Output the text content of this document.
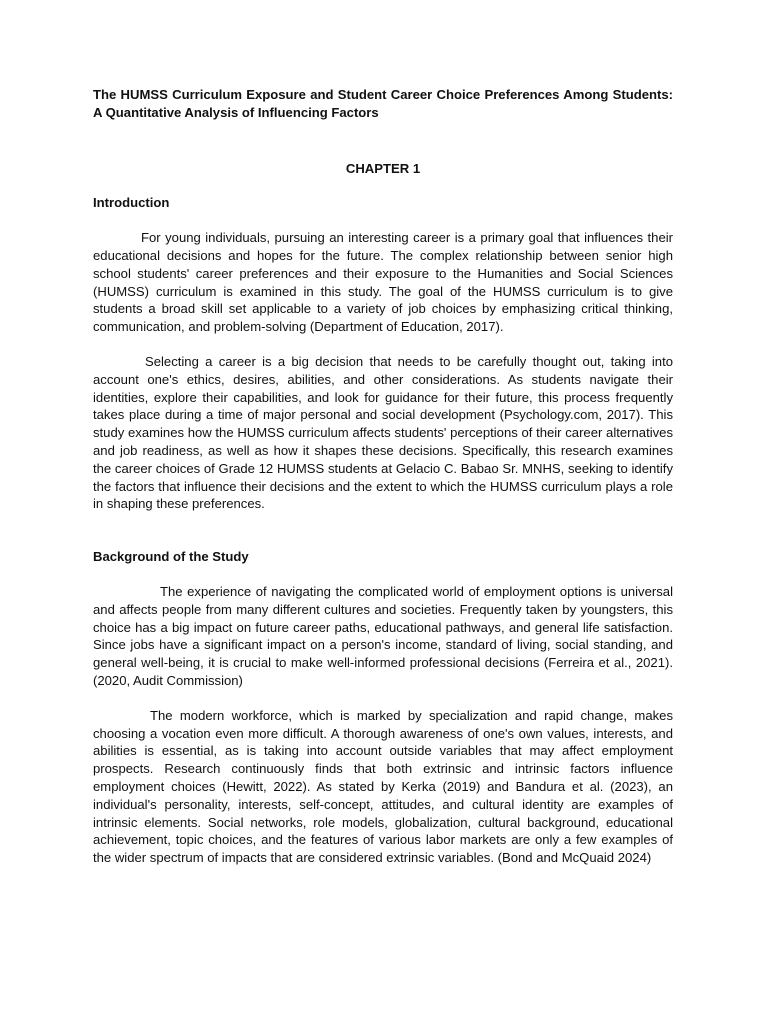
The HUMSS Curriculum Exposure and Student Career Choice Preferences Among Students: A Quantitative Analysis of Influencing Factors

CHAPTER 1

Introduction

For young individuals, pursuing an interesting career is a primary goal that influences their educational decisions and hopes for the future. The complex relationship between senior high school students' career preferences and their exposure to the Humanities and Social Sciences (HUMSS) curriculum is examined in this study. The goal of the HUMSS curriculum is to give students a broad skill set applicable to a variety of job choices by emphasizing critical thinking, communication, and problem-solving (Department of Education, 2017).

Selecting a career is a big decision that needs to be carefully thought out, taking into account one's ethics, desires, abilities, and other considerations. As students navigate their identities, explore their capabilities, and look for guidance for their future, this process frequently takes place during a time of major personal and social development (Psychology.com, 2017). This study examines how the HUMSS curriculum affects students' perceptions of their career alternatives and job readiness, as well as how it shapes these decisions. Specifically, this research examines the career choices of Grade 12 HUMSS students at Gelacio C. Babao Sr. MNHS, seeking to identify the factors that influence their decisions and the extent to which the HUMSS curriculum plays a role in shaping these preferences.

Background of the Study

The experience of navigating the complicated world of employment options is universal and affects people from many different cultures and societies. Frequently taken by youngsters, this choice has a big impact on future career paths, educational pathways, and general life satisfaction. Since jobs have a significant impact on a person's income, standard of living, social standing, and general well-being, it is crucial to make well-informed professional decisions (Ferreira et al., 2021). (2020, Audit Commission)

The modern workforce, which is marked by specialization and rapid change, makes choosing a vocation even more difficult. A thorough awareness of one's own values, interests, and abilities is essential, as is taking into account outside variables that may affect employment prospects. Research continuously finds that both extrinsic and intrinsic factors influence employment choices (Hewitt, 2022). As stated by Kerka (2019) and Bandura et al. (2023), an individual's personality, interests, self-concept, attitudes, and cultural identity are examples of intrinsic elements. Social networks, role models, globalization, cultural background, educational achievement, topic choices, and the features of various labor markets are only a few examples of the wider spectrum of impacts that are considered extrinsic variables. (Bond and McQuaid 2024)
